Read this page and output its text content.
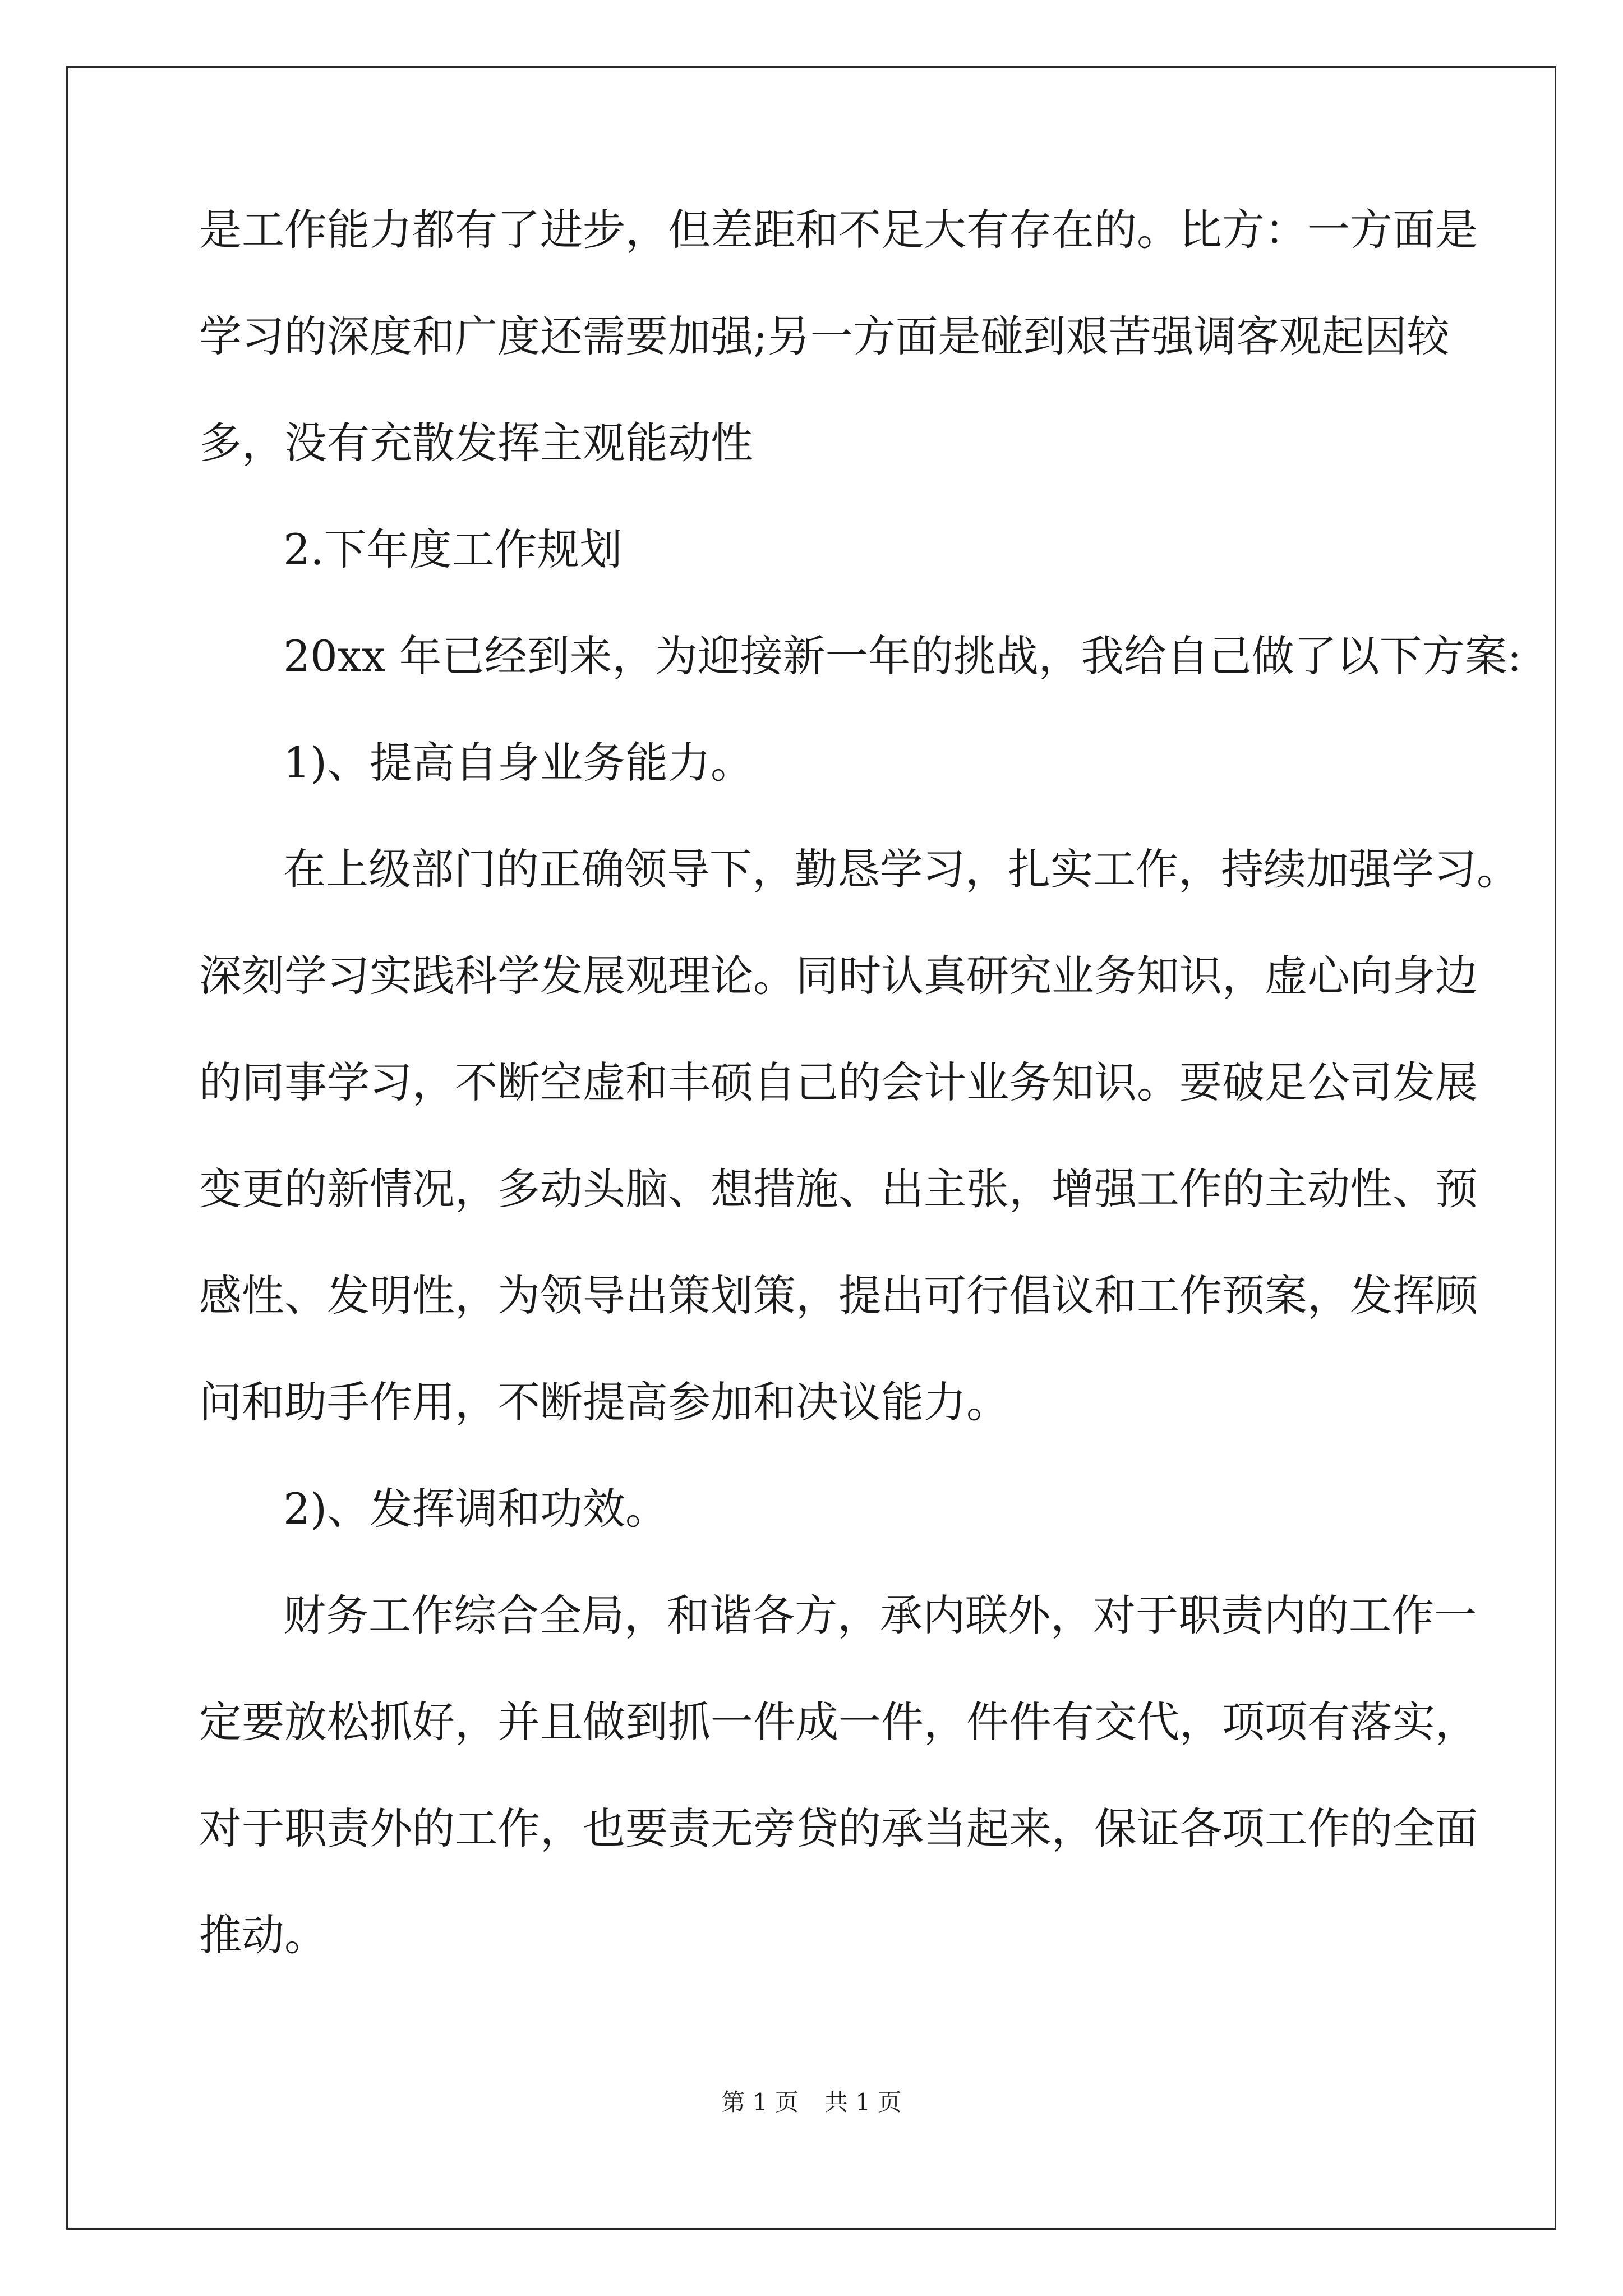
是工作能力都有了进步，但差距和不足大有存在的。比方：一方面是
学习的深度和广度还需要加强;另一方面是碰到艰苦强调客观起因较
多，没有充散发挥主观能动性
2.下年度工作规划
20xx 年已经到来，为迎接新一年的挑战，我给自己做了以下方案:
1)、提高自身业务能力。
在上级部门的正确领导下，勤恳学习，扎实工作，持续加强学习。
深刻学习实践科学发展观理论。同时认真研究业务知识，虚心向身边
的同事学习，不断空虚和丰硕自己的会计业务知识。要破足公司发展
变更的新情况，多动头脑、想措施、出主张，增强工作的主动性、预
感性、发明性，为领导出策划策，提出可行倡议和工作预案，发挥顾
问和助手作用，不断提高参加和决议能力。
2)、发挥调和功效。
财务工作综合全局，和谐各方，承内联外，对于职责内的工作一
定要放松抓好，并且做到抓一件成一件，件件有交代，项项有落实，
对于职责外的工作，也要责无旁贷的承当起来，保证各项工作的全面
推动。
第 1 页 共 1 页
